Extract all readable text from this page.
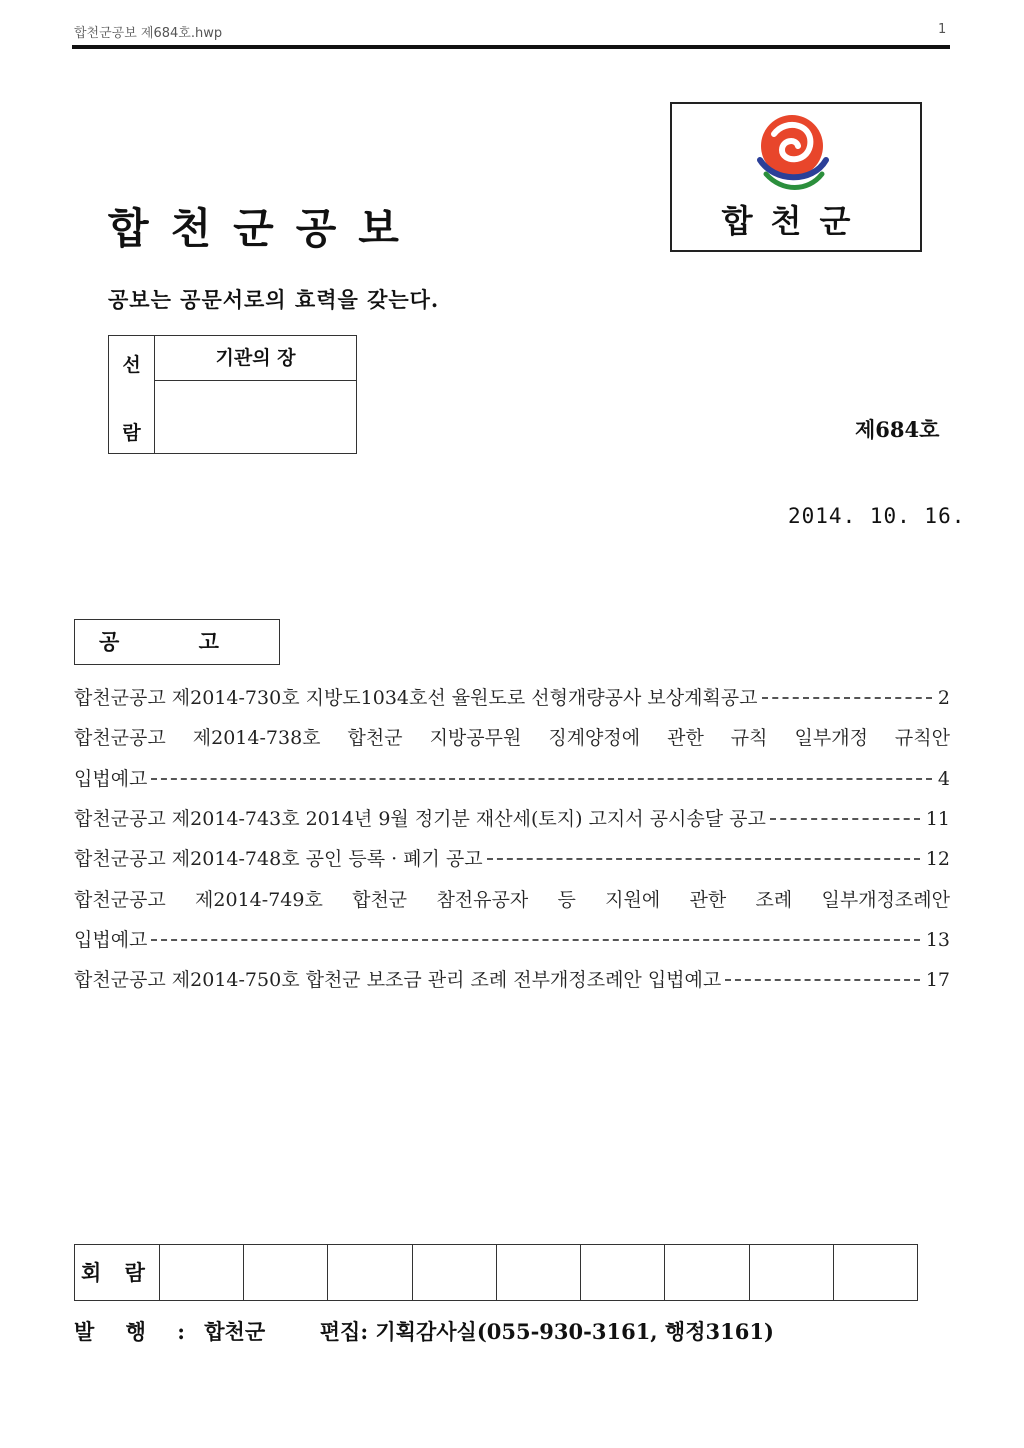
합천군공보 제684호.hwp	1
합천군공보
공보는 공문서로의 효력을 갖는다.
합천군
선
람
기관의 장
제684호
2014. 10. 16.
공 고
합천군공고 제2014-730호 지방도1034호선 율원도로 선형개량공사 보상계획공고	2
합천군공고 제2014-738호 합천군 지방공무원 징계양정에 관한 규칙 일부개정 규칙안
입법예고	4
합천군공고 제2014-743호 2014년 9월 정기분 재산세(토지) 고지서 공시송달 공고	11
합천군공고 제2014-748호 공인 등록 · 폐기 공고	12
합천군공고 제2014-749호 합천군 참전유공자 등 지원에 관한 조례 일부개정조례안
입법예고	13
합천군공고 제2014-750호 합천군 보조금 관리 조례 전부개정조례안 입법예고	17
회 람
발 행 : 합천군	편집: 기획감사실(055-930-3161, 행정3161)
